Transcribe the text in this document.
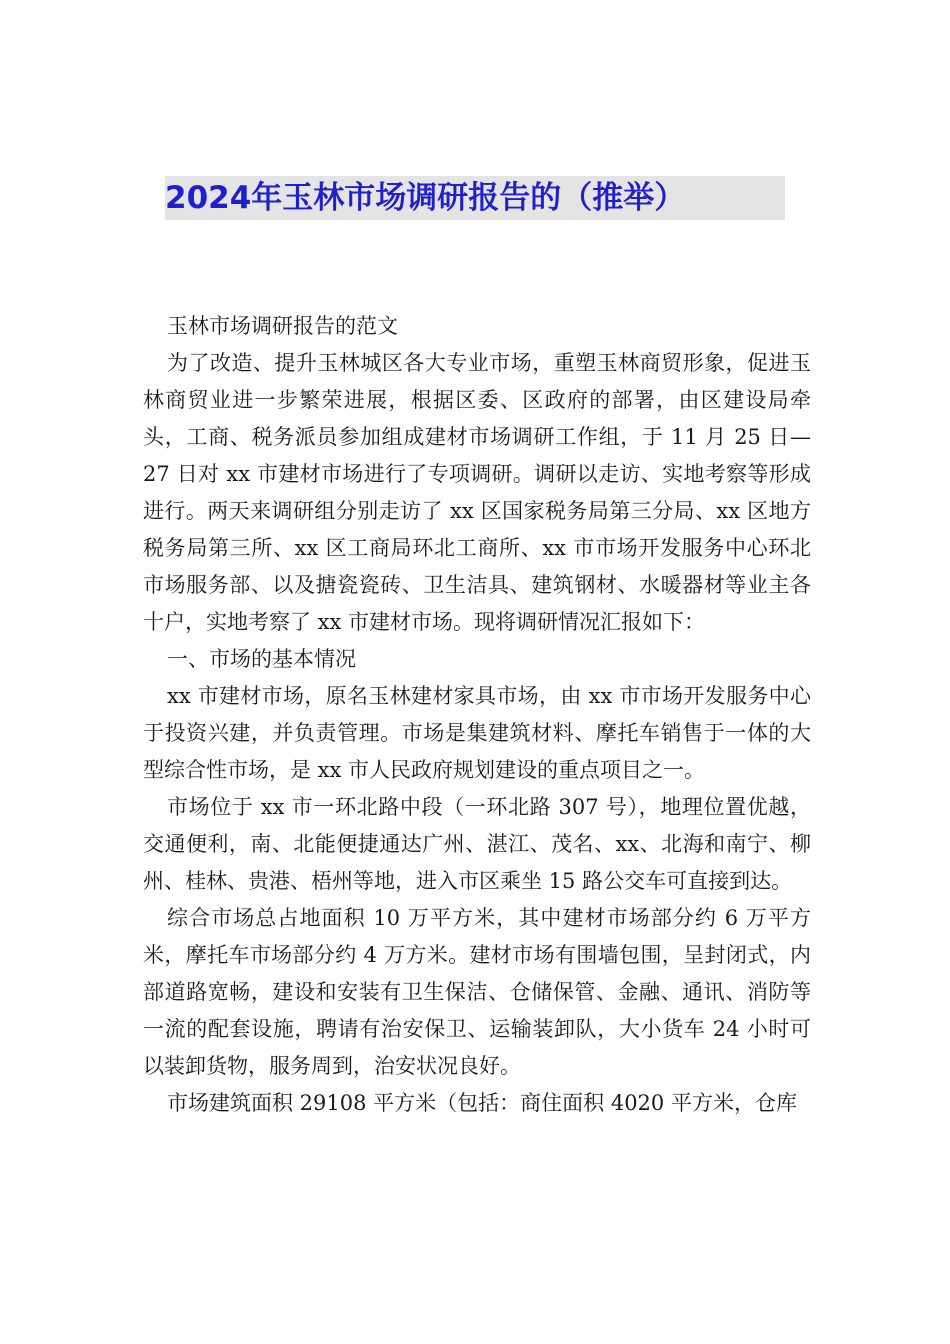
2024年玉林市场调研报告的（推举）

玉林市场调研报告的范文

为了改造、提升玉林城区各大专业市场，重塑玉林商贸形象，促进玉林商贸业进一步繁荣进展，根据区委、区政府的部署，由区建设局牵头，工商、税务派员参加组成建材市场调研工作组，于 11 月 25 日—27 日对 xx 市建材市场进行了专项调研。调研以走访、实地考察等形成进行。两天来调研组分别走访了 xx 区国家税务局第三分局、xx 区地方税务局第三所、xx 区工商局环北工商所、xx 市市场开发服务中心环北市场服务部、以及搪瓷瓷砖、卫生洁具、建筑钢材、水暖器材等业主各十户，实地考察了 xx 市建材市场。现将调研情况汇报如下：

一、市场的基本情况

xx 市建材市场，原名玉林建材家具市场，由 xx 市市场开发服务中心于投资兴建，并负责管理。市场是集建筑材料、摩托车销售于一体的大型综合性市场，是 xx 市人民政府规划建设的重点项目之一。

市场位于 xx 市一环北路中段（一环北路 307 号），地理位置优越，交通便利，南、北能便捷通达广州、湛江、茂名、xx、北海和南宁、柳州、桂林、贵港、梧州等地，进入市区乘坐 15 路公交车可直接到达。

综合市场总占地面积 10 万平方米，其中建材市场部分约 6 万平方米，摩托车市场部分约 4 万方米。建材市场有围墙包围，呈封闭式，内部道路宽畅，建设和安装有卫生保洁、仓储保管、金融、通讯、消防等一流的配套设施，聘请有治安保卫、运输装卸队，大小货车 24 小时可以装卸货物，服务周到，治安状况良好。

市场建筑面积 29108 平方米（包括：商住面积 4020 平方米，仓库
